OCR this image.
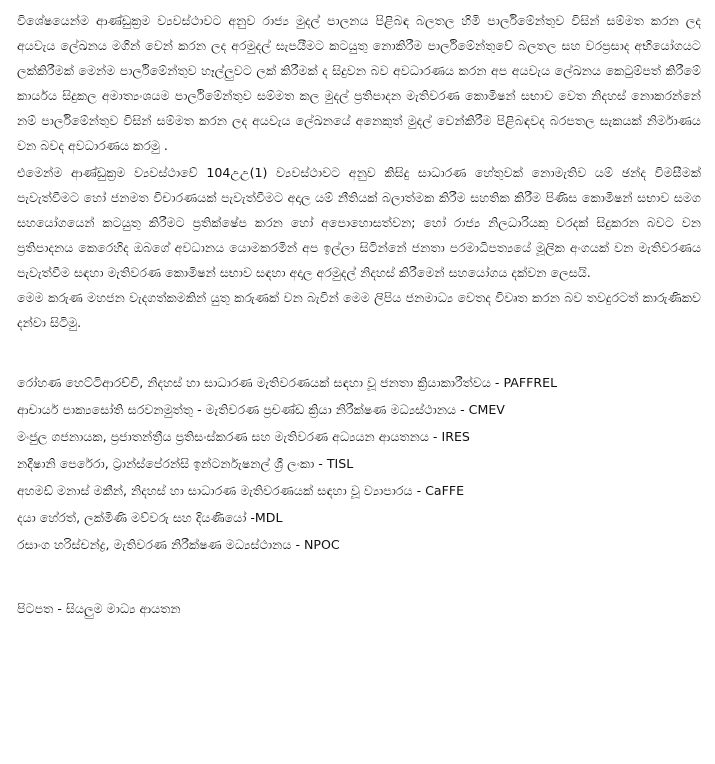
විශේෂයෙන්ම ආණ්ඩුක්‍රම ව්‍යවස්ථාවට අනුව රාජ්‍ය මුදල් පාලනය පිළිබඳ බලතල හිමි පාර්ලිමේන්තුව විසින් සම්මත කරන ලද අයවැය ලේඛනය මගින් වෙන් කරන ලද අරමුදල් සැපයීමට කටයුතු නොකිරීම පාර්ලිමේන්තුවේ බලතල සහ වරප්‍රසාද අභියෝගයට ලක්කිරීමක් මෙන්ම පාර්ලිමේන්තුව හෑල්ලුවට ලක් කිරීමක් ද සිදුවන බව අවධාරණය කරන අප අයවැය ලේඛනය කෙටුම්පත් කිරීමේ කාර්යය සිදුකල අමාත්‍යංශයම පාර්ලිමේන්තුව සම්මත කල මුදල් ප්‍රතිපාදන මැතිවරණ කොමිෂන් සභාව වෙත නිදහස් නොකරන්නේ නම් පාර්ලිමේන්තුව විසින් සම්මත කරන ලද අයවැය ලේඛනයේ අනෙකුත් මුදල් වෙන්කිරීම පිළිබඳවද බරපතල සැකයක් නිර්මාණය වන බවද අවධාරණය කරමු .

එමෙන්ම ආණ්ඩුක්‍රම ව්‍යවස්ථාවේ 104උඋ(1) ව්‍යවස්ථාවට අනුව කිසිදු සාධාරණ හේතුවක් නොමැතිව යම් ඡන්ද විමසීමක් පැවැත්වීමට හෝ ජනමත විචාරණයක් පැවැත්වීමට අදාල යම් නීතියක් බලාත්මක කිරීම සහතික කිරීම පිණිස කොමිෂන් සභාව සමග සහයෝගයෙන් කටයුතු කිරීමට ප්‍රතික්ෂේප කරන හෝ අපොහොසත්වන; හෝ රාජ්‍ය නිලධාරියකු වරදක් සිදුකරන බවට වන ප්‍රතිපාදනය කෙරෙහිද ඔබගේ අවධානය යොමකරමින් අප ඉල්ලා සිටින්නේ ජනතා පරමාධිපත්‍යයේ මූලික අංගයක් වන මැතිවරණය පැවැත්වීම සඳහා මැතිවරණ කොමිෂන් සභාව සඳහා අදාල අරමුදල් නිදහස් කිරීමෙන් සහයෝගය දක්වන ලෙසයි.

මෙම කරුණ මහජන වැදගත්කමකින් යුතු කරුණක් වන බැවින් මෙම ලිපිය ජනමාධ්‍ය වෙතද විවෘත කරන බව තවදුරටත් කාරුණිකව දන්වා සිටිමු.

රෝහණ හෙට්ටිආරච්චි, නිදහස් හා සාධාරණ මැතිවරණයක් සඳහා වූ ජනතා ක්‍රියාකාරීත්වය - PAFFREL
ආචාර්ය පාක්‍යසෝති සරවනමුත්තු - මැතිවරණ ප්‍රචණ්ඩ ක්‍රියා නිරීක්ෂණ මධ්‍යස්ථානය - CMEV
මංජුල ගජනායක, ප්‍රජාතන්ත්‍රීය ප්‍රතිසංස්කරණ සහ මැතිවරණ අධ්‍යයන ආයතනය - IRES
නදීෂානි පෙරේරා, ට්‍රාන්ස්පේරන්සි ඉන්ටර්නැෂනල් ශ්‍රී ලංකා - TISL
අහමඩ් මනාස් මකීන්, නිදහස් හා සාධාරණ මැතිවරණයක් සඳහා වූ ව්‍යාපාරය - CaFFE
දයා හේරත්, ලක්මිණි මව්වරු සහ දියණියෝ -MDL
රසාංග හරිස්චන්ද්‍ර, මැතිවරණ නිරීක්ෂණ මධ්‍යස්ථානය - NPOC
පිටපත - සියලුම මාධ්‍ය ආයතන
